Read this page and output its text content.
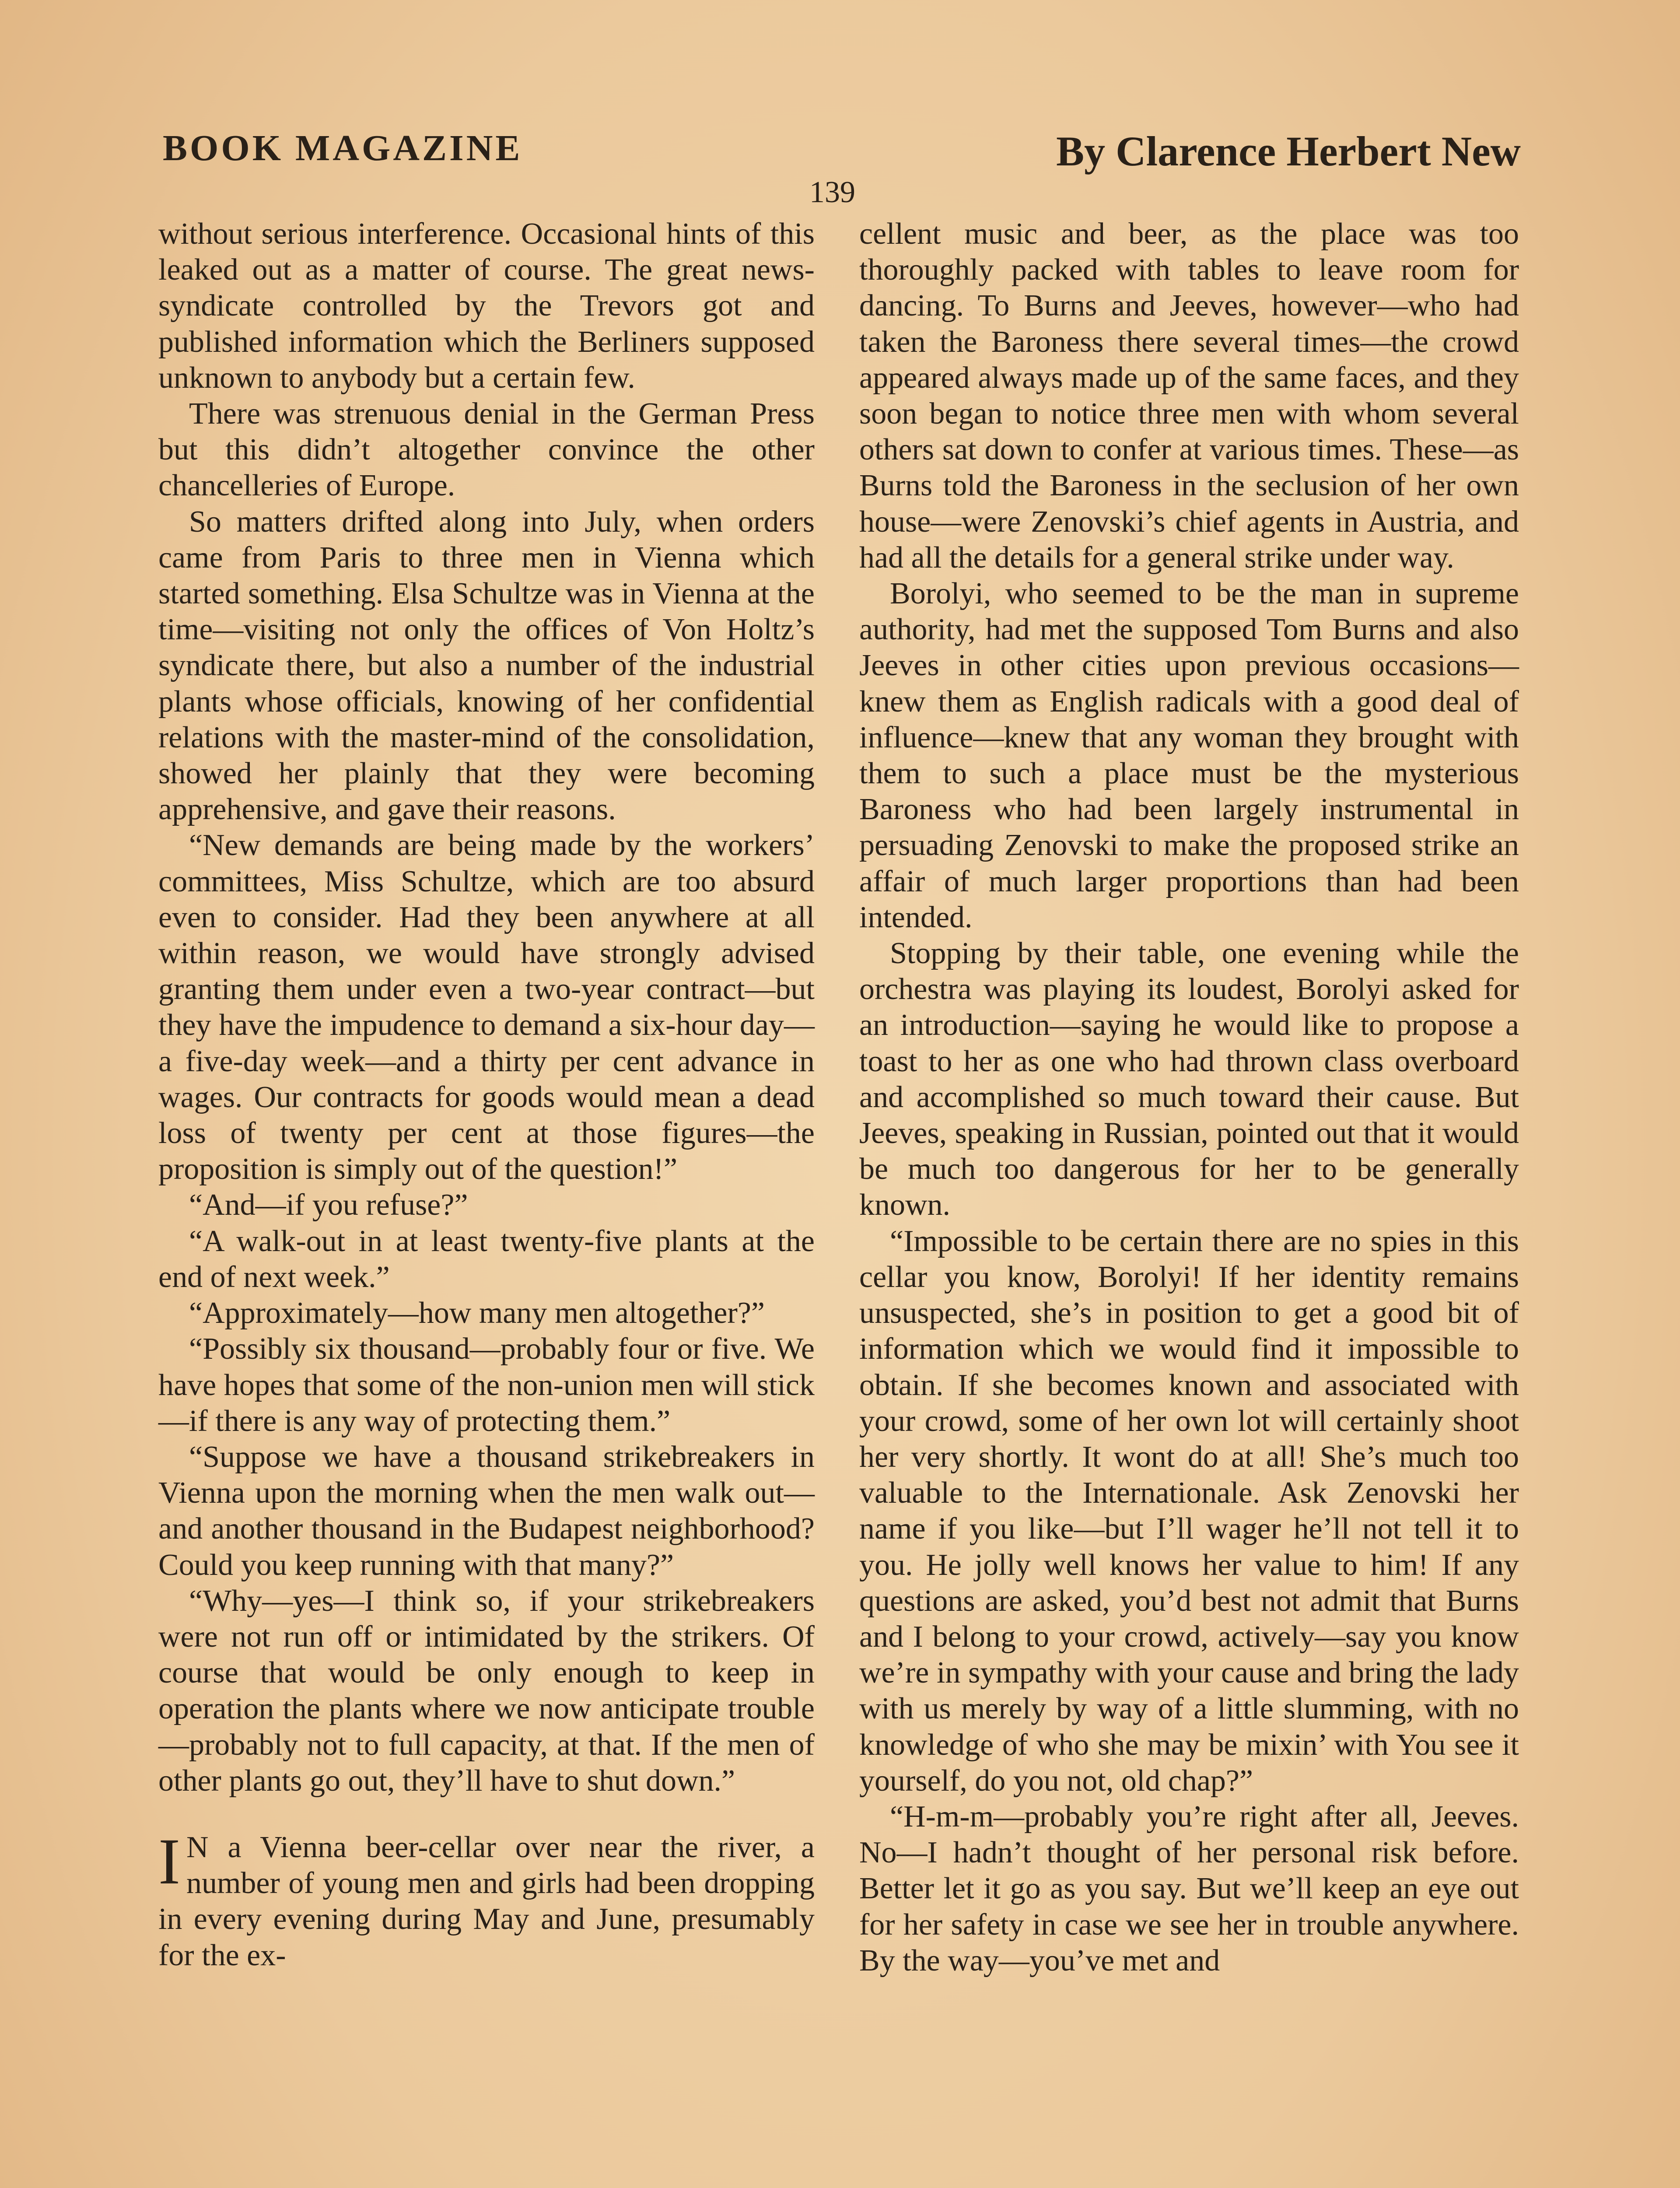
BOOK MAGAZINE	By Clarence Herbert New
139

without serious interference. Occasional hints of this leaked out as a matter of course. The great news-syndicate controlled by the Trevors got and published information which the Berliners supposed unknown to anybody but a certain few.

There was strenuous denial in the German Press but this didn’t altogether convince the other chancelleries of Europe.

So matters drifted along into July, when orders came from Paris to three men in Vienna which started something. Elsa Schultze was in Vienna at the time—visiting not only the offices of Von Holtz’s syndicate there, but also a number of the industrial plants whose officials, knowing of her confidential relations with the master-mind of the consolidation, showed her plainly that they were becoming apprehensive, and gave their reasons.

“New demands are being made by the workers’ committees, Miss Schultze, which are too absurd even to consider. Had they been anywhere at all within reason, we would have strongly advised granting them under even a two-year contract—but they have the impudence to demand a six-hour day—a five-day week—and a thirty per cent advance in wages. Our contracts for goods would mean a dead loss of twenty per cent at those figures—the proposition is simply out of the question!”

“And—if you refuse?”

“A walk-out in at least twenty-five plants at the end of next week.”

“Approximately—how many men altogether?”

“Possibly six thousand—probably four or five. We have hopes that some of the non-union men will stick—if there is any way of protecting them.”

“Suppose we have a thousand strikebreakers in Vienna upon the morning when the men walk out—and another thousand in the Budapest neighborhood? Could you keep running with that many?”

“Why—yes—I think so, if your strikebreakers were not run off or intimidated by the strikers. Of course that would be only enough to keep in operation the plants where we now anticipate trouble—probably not to full capacity, at that. If the men of other plants go out, they’ll have to shut down.”

I N a Vienna beer-cellar over near the river, a number of young men and girls had been dropping in every evening during May and June, presumably for the ex-

cellent music and beer, as the place was too thoroughly packed with tables to leave room for dancing. To Burns and Jeeves, however—who had taken the Baroness there several times—the crowd appeared always made up of the same faces, and they soon began to notice three men with whom several others sat down to confer at various times. These—as Burns told the Baroness in the seclusion of her own house—were Zenovski’s chief agents in Austria, and had all the details for a general strike under way.

Borolyi, who seemed to be the man in supreme authority, had met the supposed Tom Burns and also Jeeves in other cities upon previous occasions—knew them as English radicals with a good deal of influence—knew that any woman they brought with them to such a place must be the mysterious Baroness who had been largely instrumental in persuading Zenovski to make the proposed strike an affair of much larger proportions than had been intended.

Stopping by their table, one evening while the orchestra was playing its loudest, Borolyi asked for an introduction—saying he would like to propose a toast to her as one who had thrown class overboard and accomplished so much toward their cause. But Jeeves, speaking in Russian, pointed out that it would be much too dangerous for her to be generally known.

“Impossible to be certain there are no spies in this cellar you know, Borolyi! If her identity remains unsuspected, she’s in position to get a good bit of information which we would find it impossible to obtain. If she becomes known and associated with your crowd, some of her own lot will certainly shoot her very shortly. It wont do at all! She’s much too valuable to the Internationale. Ask Zenovski her name if you like—but I’ll wager he’ll not tell it to you. He jolly well knows her value to him! If any questions are asked, you’d best not admit that Burns and I belong to your crowd, actively—say you know we’re in sympathy with your cause and bring the lady with us merely by way of a little slumming, with no knowledge of who she may be mixin’ with You see it yourself, do you not, old chap?”

“H-m-m—probably you’re right after all, Jeeves. No—I hadn’t thought of her personal risk before. Better let it go as you say. But we’ll keep an eye out for her safety in case we see her in trouble anywhere. By the way—you’ve met and
